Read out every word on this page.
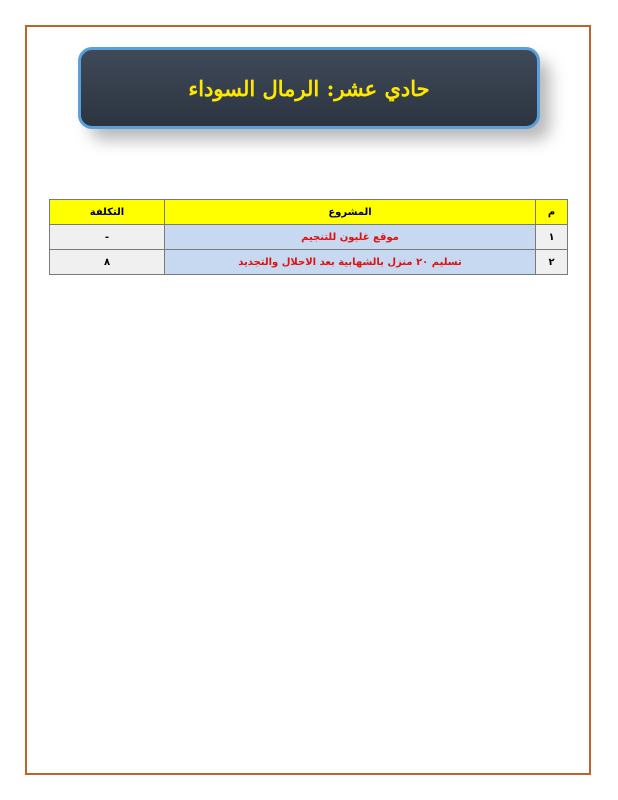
حادي عشر: الرمال السوداء
م	المشروع	التكلفة
١	موقع غليون للتنجيم	-
٢	تسليم ٢٠ منزل بالشهابية بعد الاحلال والتجديد	٨
